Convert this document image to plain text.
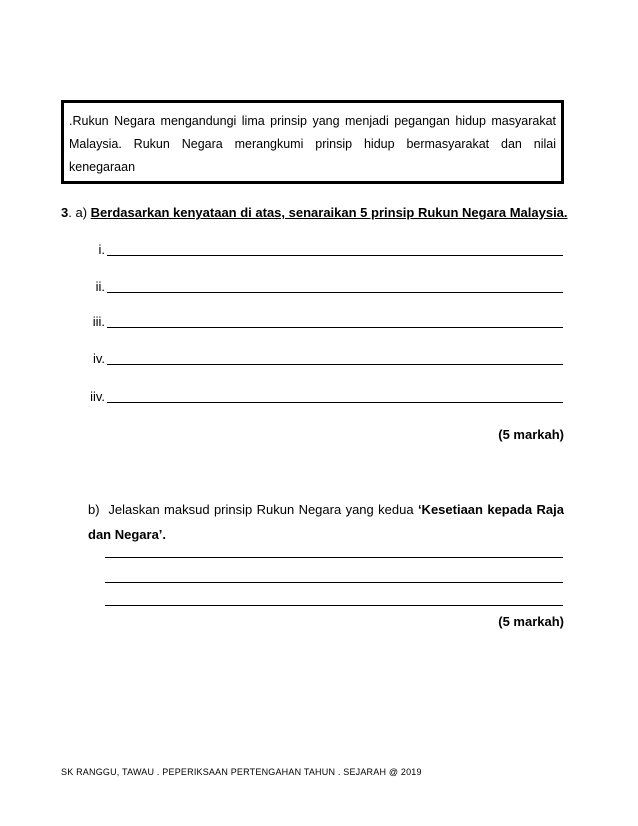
.Rukun Negara mengandungi lima prinsip yang menjadi pegangan hidup masyarakat Malaysia. Rukun Negara merangkumi prinsip hidup bermasyarakat dan nilai kenegaraan
3. a) Berdasarkan kenyataan di atas, senaraikan 5 prinsip Rukun Negara Malaysia.
i.
ii.
iii.
iv.
iiv.
(5 markah)
b) Jelaskan maksud prinsip Rukun Negara yang kedua ‘Kesetiaan kepada Raja dan Negara’.
(5 markah)
SK RANGGU, TAWAU . PEPERIKSAAN PERTENGAHAN TAHUN . SEJARAH @ 2019
